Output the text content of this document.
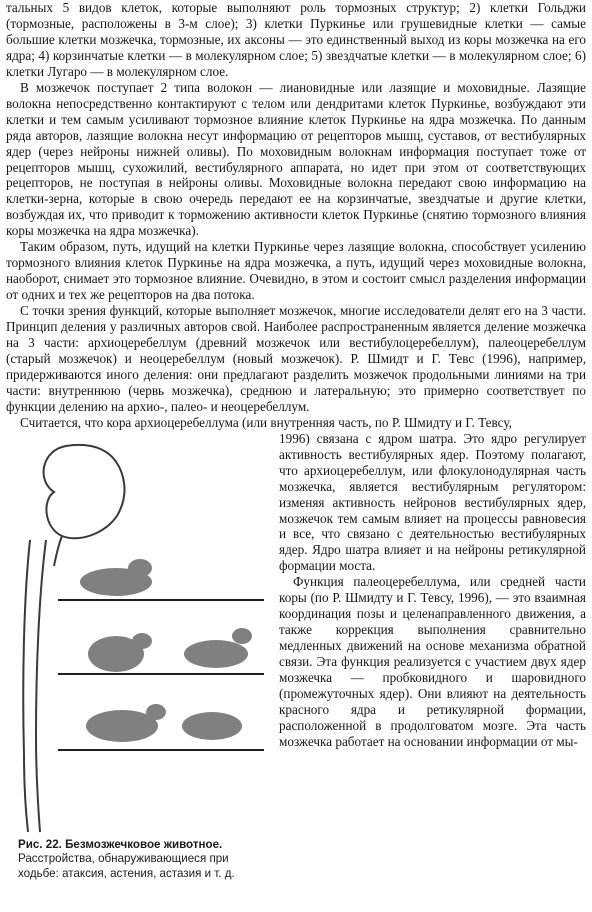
тальных 5 видов клеток, которые выполняют роль тормозных структур; 2) клетки Гольджи (тормозные, расположены в 3-м слое); 3) клетки Пуркинье или грушевидные клетки — самые большие клетки мозжечка, тормозные, их аксоны — это единственный выход из коры мозжечка на его ядра; 4) корзинчатые клетки — в молекулярном слое; 5) звездчатые клетки — в молекулярном слое; 6) клетки Лугаро — в молекулярном слое.

В мозжечок поступает 2 типа волокон — лиановидные или лазящие и моховидные. Лазящие волокна непосредственно контактируют с телом или дендритами клеток Пуркинье, возбуждают эти клетки и тем самым усиливают тормозное влияние клеток Пуркинье на ядра мозжечка. По данным ряда авторов, лазящие волокна несут информацию от рецепторов мышц, суставов, от вестибулярных ядер (через нейроны нижней оливы). По моховидным волокнам информация поступает тоже от рецепторов мышц, сухожилий, вестибулярного аппарата, но идет при этом от соответствующих рецепторов, не поступая в нейроны оливы. Моховидные волокна передают свою информацию на клетки-зерна, которые в свою очередь передают ее на корзинчатые, звездчатые и другие клетки, возбуждая их, что приводит к торможению активности клеток Пуркинье (снятию тормозного влияния коры мозжечка на ядра мозжечка).

Таким образом, путь, идущий на клетки Пуркинье через лазящие волокна, способствует усилению тормозного влияния клеток Пуркинье на ядра мозжечка, а путь, идущий через моховидные волокна, наоборот, снимает это тормозное влияние. Очевидно, в этом и состоит смысл разделения информации от одних и тех же рецепторов на два потока.

С точки зрения функций, которые выполняет мозжечок, многие исследователи делят его на 3 части. Принцип деления у различных авторов свой. Наиболее распространенным является деление мозжечка на 3 части: архиоцеребеллум (древний мозжечок или вестибулоцеребеллум), палеоцеребеллум (старый мозжечок) и неоцеребеллум (новый мозжечок). Р. Шмидт и Г. Тевс (1996), например, придерживаются иного деления: они предлагают разделить мозжечок продольными линиями на три части: внутреннюю (червь мозжечка), среднюю и латеральную; это примерно соответствует по функции делению на архио-, палео- и неоцеребеллум.

Считается, что кора архиоцеребеллума (или внутренняя часть, по Р. Шмидту и Г. Тевсу,

Рис. 22. Безмозжечковое животное.
Расстройства, обнаруживающиеся при ходьбе: атаксия, астения, астазия и т. д.

1996) связана с ядром шатра. Это ядро регулирует активность вестибулярных ядер. Поэтому полагают, что архиоцеребеллум, или флокулонодулярная часть мозжечка, является вестибулярным регулятором: изменяя активность нейронов вестибулярных ядер, мозжечок тем самым влияет на процессы равновесия и все, что связано с деятельностью вестибулярных ядер. Ядро шатра влияет и на нейроны ретикулярной формации моста.

Функция палеоцеребеллума, или средней части коры (по Р. Шмидту и Г. Тевсу, 1996), — это взаимная координация позы и целенаправленного движения, а также коррекция выполнения сравнительно медленных движений на основе механизма обратной связи. Эта функция реализуется с участием двух ядер мозжечка — пробковидного и шаровидного (промежуточных ядер). Они влияют на деятельность красного ядра и ретикулярной формации, расположенной в продолговатом мозге. Эта часть мозжечка работает на основании информации от мы-
